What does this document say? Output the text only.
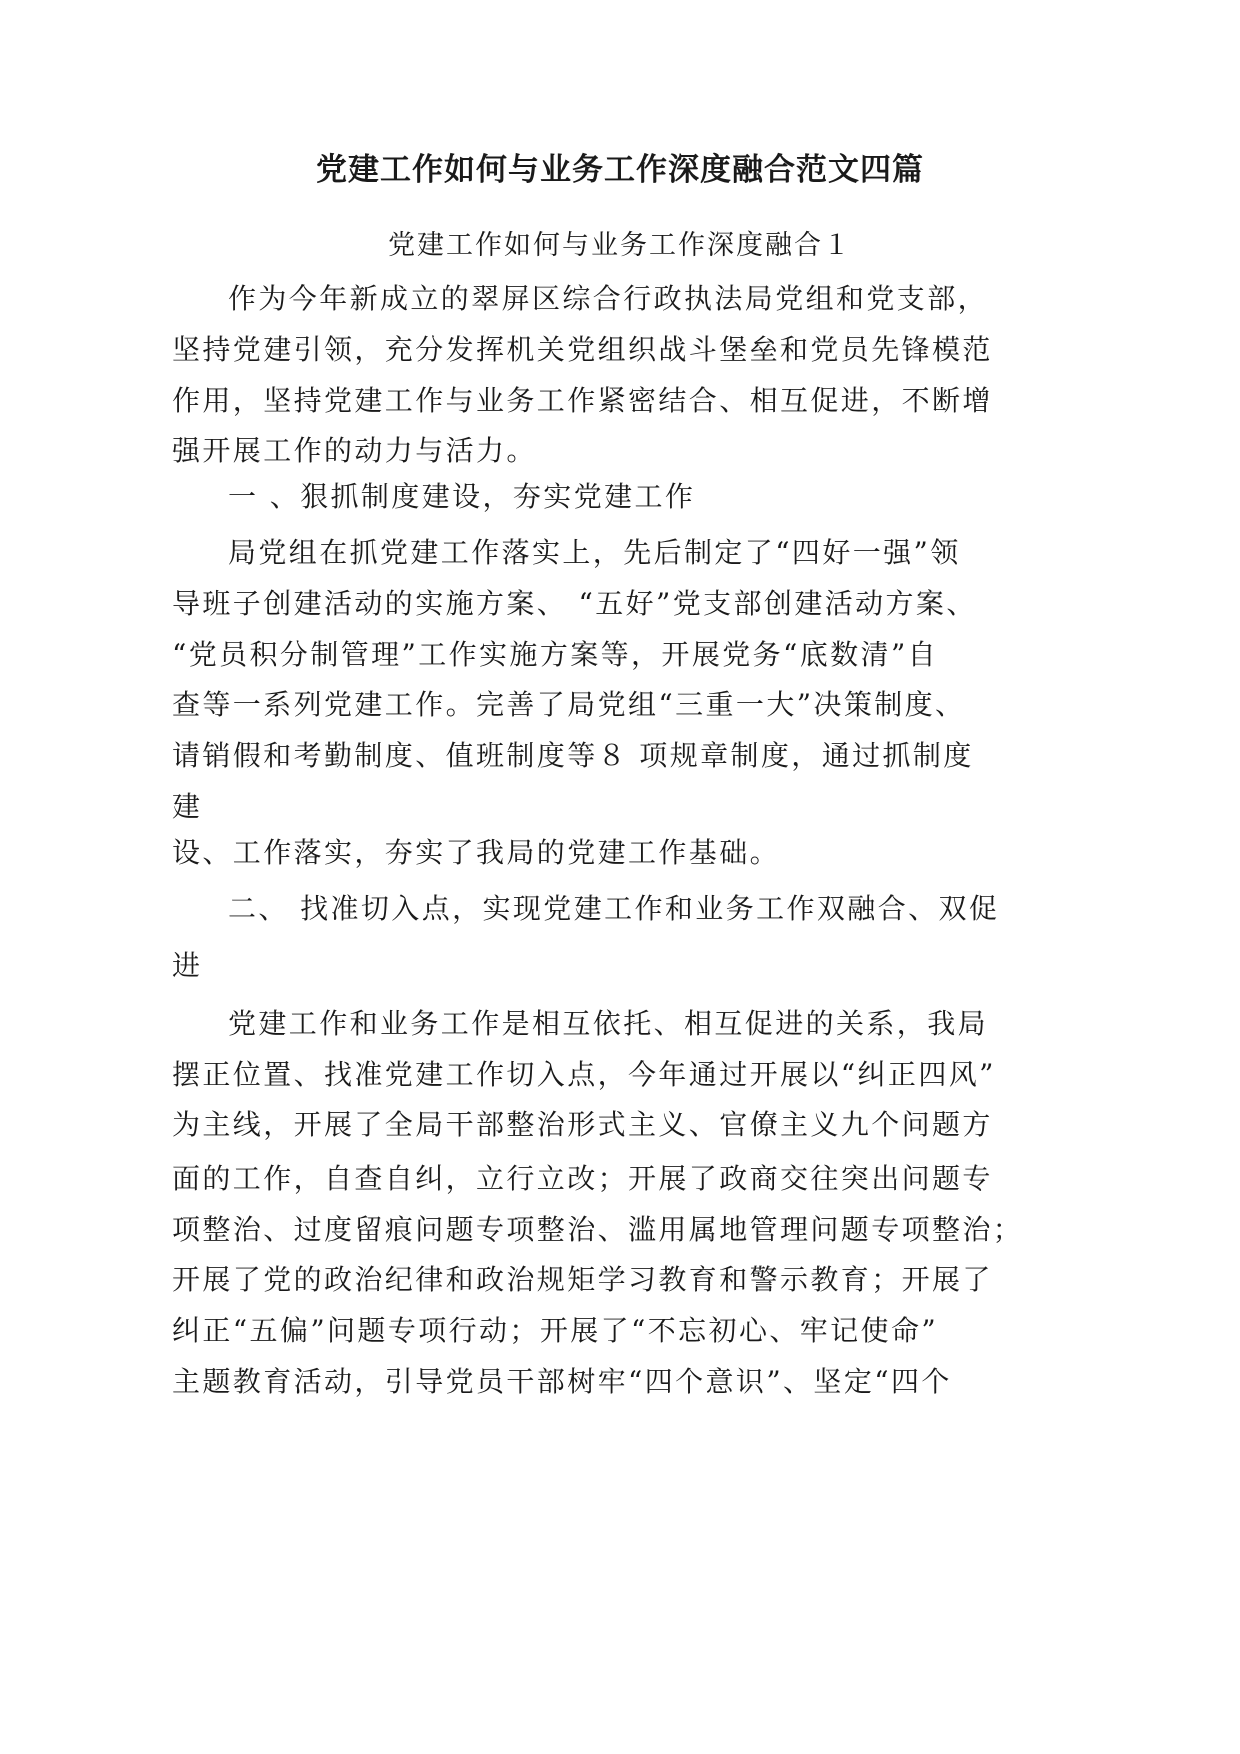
党建工作如何与业务工作深度融合范文四篇
党建工作如何与业务工作深度融合１
作为今年新成立的翠屏区综合行政执法局党组和党支部，
坚持党建引领，充分发挥机关党组织战斗堡垒和党员先锋模范
作用，坚持党建工作与业务工作紧密结合、相互促进，不断增
强开展工作的动力与活力。
一 、狠抓制度建设，夯实党建工作
局党组在抓党建工作落实上，先后制定了“四好一强”领
导班子创建活动的实施方案、 “五好”党支部创建活动方案、
“党员积分制管理”工作实施方案等，开展党务“底数清”自
查等一系列党建工作。完善了局党组“三重一大”决策制度、
请销假和考勤制度、值班制度等８ 项规章制度，通过抓制度
建
设、工作落实，夯实了我局的党建工作基础。
二、 找准切入点，实现党建工作和业务工作双融合、双促
进
党建工作和业务工作是相互依托、相互促进的关系，我局
摆正位置、找准党建工作切入点，今年通过开展以“纠正四风”
为主线，开展了全局干部整治形式主义、官僚主义九个问题方
面的工作，自查自纠，立行立改；开展了政商交往突出问题专
项整治、过度留痕问题专项整治、滥用属地管理问题专项整治；
开展了党的政治纪律和政治规矩学习教育和警示教育；开展了
纠正“五偏”问题专项行动；开展了“不忘初心、牢记使命”
主题教育活动，引导党员干部树牢“四个意识”、坚定“四个
